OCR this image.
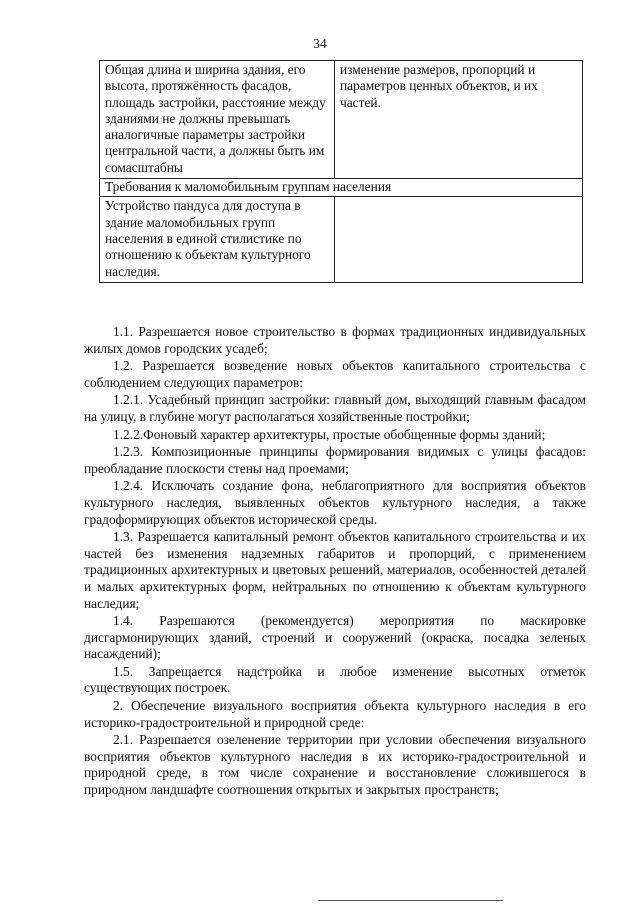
34
Общая длина и ширина здания, его высота, протяжённость фасадов, площадь застройки, расстояние между зданиями не должны превышать аналогичные параметры застройки центральной части, а должны быть им сомасштабны	изменение размеров, пропорций и параметров ценных объектов, и их частей.
Требования к маломобильным группам населения	
Устройство пандуса для доступа в здание маломобильных групп населения в единой стилистике по отношению к объектам культурного наследия.	

1.1. Разрешается новое строительство в формах традиционных индивидуальных жилых домов городских усадеб;

1.2. Разрешается возведение новых объектов капитального строительства с соблюдением следующих параметров:

1.2.1. Усадебный принцип застройки: главный дом, выходящий главным фасадом на улицу, в глубине могут располагаться хозяйственные постройки;

1.2.2.Фоновый характер архитектуры, простые обобщенные формы зданий;

1.2.3. Композиционные принципы формирования видимых с улицы фасадов: преобладание плоскости стены над проемами;

1.2.4. Исключать создание фона, неблагоприятного для восприятия объектов культурного наследия, выявленных объектов культурного наследия, а также градоформирующих объектов исторической среды.

1.3. Разрешается капитальный ремонт объектов капитального строительства и их частей без изменения надземных габаритов и пропорций, с применением традиционных архитектурных и цветовых решений, материалов, особенностей деталей и малых архитектурных форм, нейтральных по отношению к объектам культурного наследия;

1.4. Разрешаются (рекомендуется) мероприятия по маскировке дисгармонирующих зданий, строений и сооружений (окраска, посадка зеленых насаждений);

1.5. Запрещается надстройка и любое изменение высотных отметок существующих построек.

2. Обеспечение визуального восприятия объекта культурного наследия в его историко-градостроительной и природной среде:

2.1. Разрешается озеленение территории при условии обеспечения визуального восприятия объектов культурного наследия в их историко-градостроительной и природной среде, в том числе сохранение и восстановление сложившегося в природном ландшафте соотношения открытых и закрытых пространств;
